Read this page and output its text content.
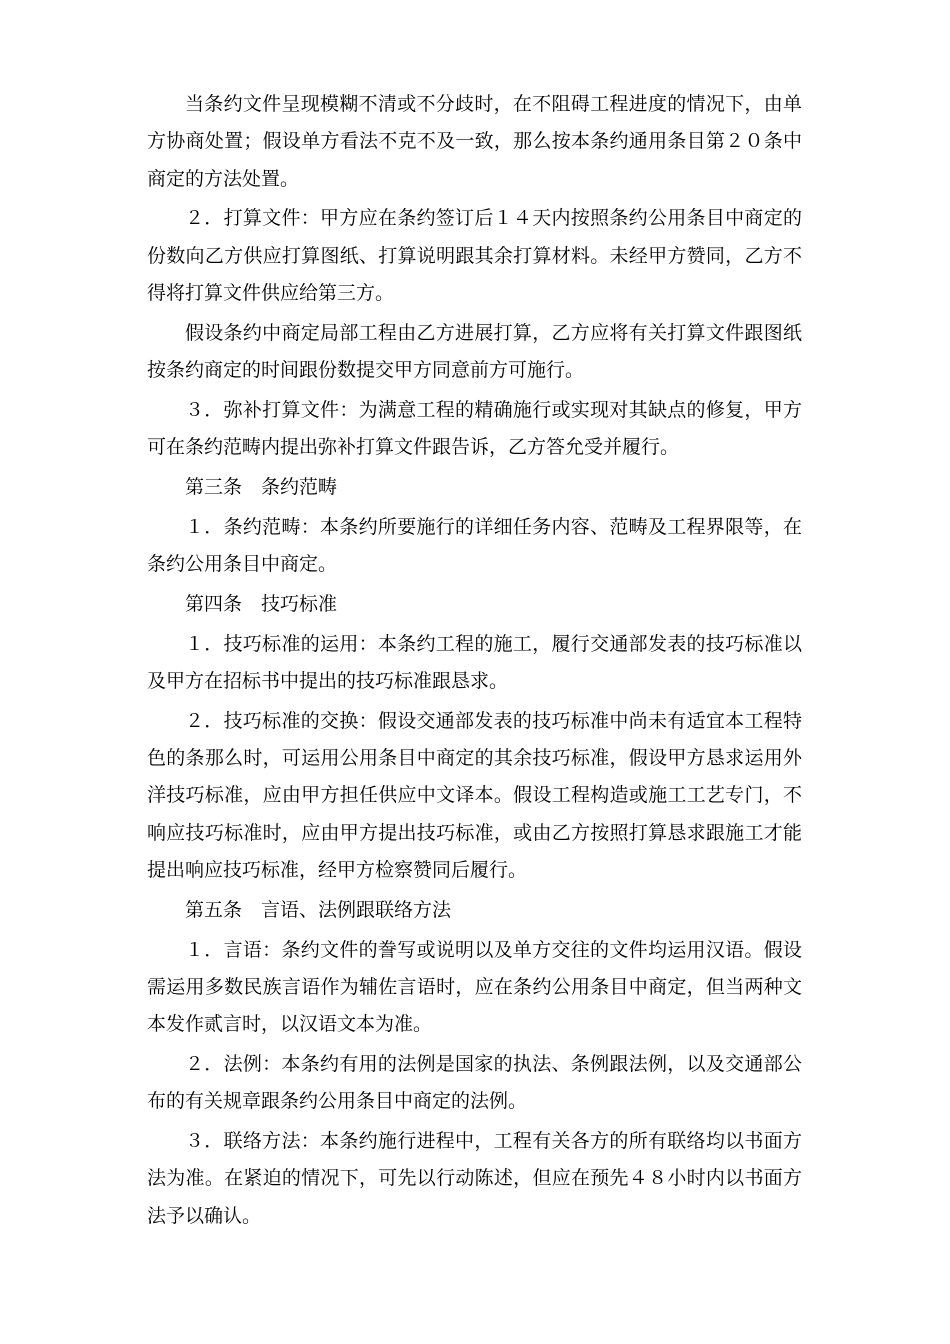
当条约文件呈现模糊不清或不分歧时，在不阻碍工程进度的情况下，由单方协商处置；假设单方看法不克不及一致，那么按本条约通用条目第２０条中商定的方法处置。

２．打算文件：甲方应在条约签订后１４天内按照条约公用条目中商定的份数向乙方供应打算图纸、打算说明跟其余打算材料。未经甲方赞同，乙方不得将打算文件供应给第三方。

假设条约中商定局部工程由乙方进展打算，乙方应将有关打算文件跟图纸按条约商定的时间跟份数提交甲方同意前方可施行。

３．弥补打算文件：为满意工程的精确施行或实现对其缺点的修复，甲方可在条约范畴内提出弥补打算文件跟告诉，乙方答允受并履行。

第三条　条约范畴

１．条约范畴：本条约所要施行的详细任务内容、范畴及工程界限等，在条约公用条目中商定。

第四条　技巧标准

１．技巧标准的运用：本条约工程的施工，履行交通部发表的技巧标准以及甲方在招标书中提出的技巧标准跟恳求。

２．技巧标准的交换：假设交通部发表的技巧标准中尚未有适宜本工程特色的条那么时，可运用公用条目中商定的其余技巧标准，假设甲方恳求运用外洋技巧标准，应由甲方担任供应中文译本。假设工程构造或施工工艺专门，不响应技巧标准时，应由甲方提出技巧标准，或由乙方按照打算恳求跟施工才能提出响应技巧标准，经甲方检察赞同后履行。

第五条　言语、法例跟联络方法

１．言语：条约文件的誊写或说明以及单方交往的文件均运用汉语。假设需运用多数民族言语作为辅佐言语时，应在条约公用条目中商定，但当两种文本发作贰言时，以汉语文本为准。

２．法例：本条约有用的法例是国家的执法、条例跟法例，以及交通部公布的有关规章跟条约公用条目中商定的法例。

３．联络方法：本条约施行进程中，工程有关各方的所有联络均以书面方法为准。在紧迫的情况下，可先以行动陈述，但应在预先４８小时内以书面方法予以确认。
